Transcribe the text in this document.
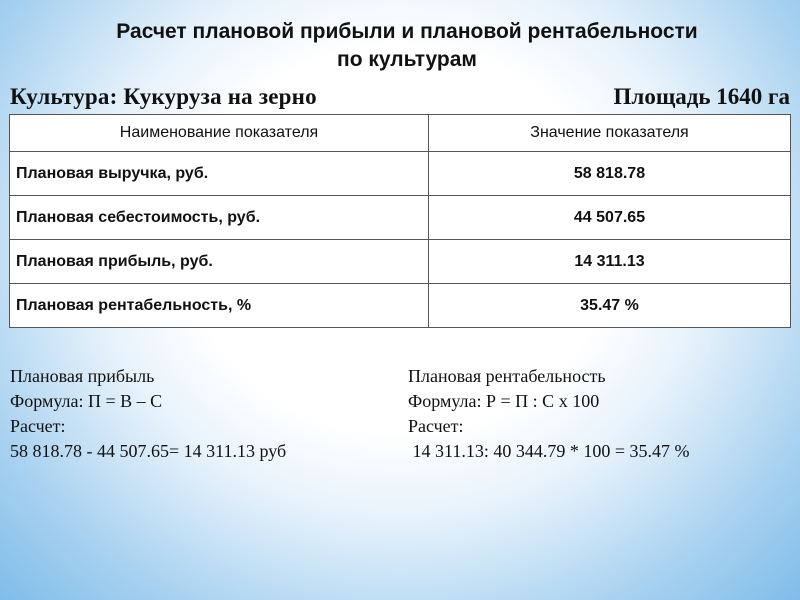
Расчет плановой прибыли и плановой рентабельности
по культурам
Культура: Кукуруза на зерно	Площадь 1640 га
Наименование показателя	Значение показателя
Плановая выручка, руб.	58 818.78
Плановая себестоимость, руб.	44 507.65
Плановая прибыль, руб.	14 311.13
Плановая рентабельность, %	35.47 %
Плановая прибыль
Формула: П = В – С
Расчет:
58 818.78 - 44 507.65= 14 311.13 руб
Плановая рентабельность
Формула: Р = П : С х 100
Расчет:
14 311.13: 40 344.79 * 100 = 35.47 %
